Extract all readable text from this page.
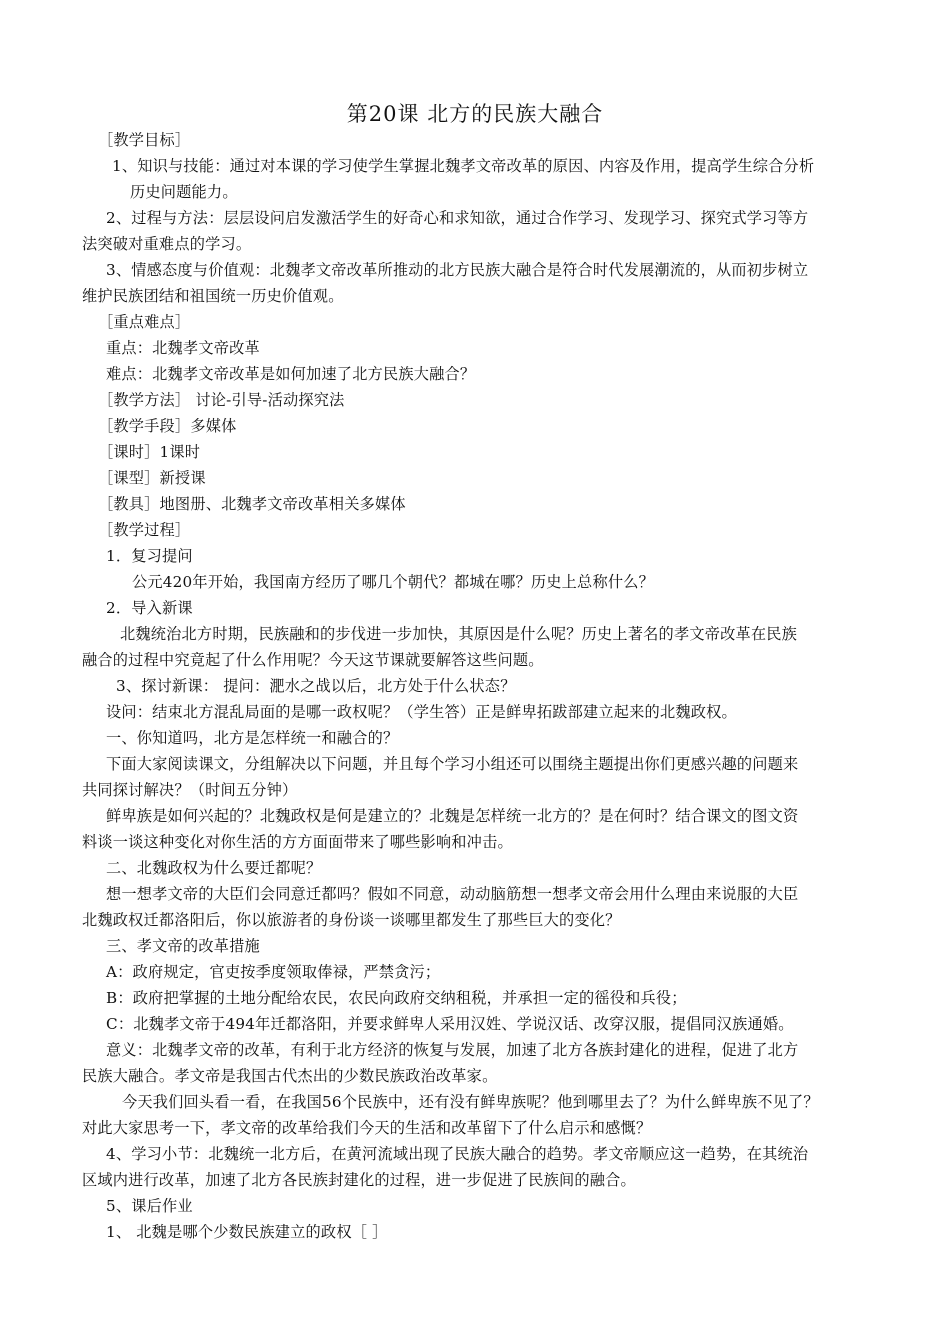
第20课 北方的民族大融合
［教学目标］
1、知识与技能：通过对本课的学习使学生掌握北魏孝文帝改革的原因、内容及作用，提高学生综合分析
历史问题能力。
2、过程与方法：层层设问启发激活学生的好奇心和求知欲，通过合作学习、发现学习、探究式学习等方
法突破对重难点的学习。
3、情感态度与价值观：北魏孝文帝改革所推动的北方民族大融合是符合时代发展潮流的，从而初步树立
维护民族团结和祖国统一历史价值观。
［重点难点］
重点：北魏孝文帝改革
难点：北魏孝文帝改革是如何加速了北方民族大融合？
［教学方法］ 讨论-引导-活动探究法
［教学手段］多媒体
［课时］1课时
［课型］新授课
［教具］地图册、北魏孝文帝改革相关多媒体
［教学过程］
1．复习提问
公元420年开始，我国南方经历了哪几个朝代？都城在哪？历史上总称什么？
2．导入新课
北魏统治北方时期，民族融和的步伐进一步加快，其原因是什么呢？历史上著名的孝文帝改革在民族
融合的过程中究竟起了什么作用呢？今天这节课就要解答这些问题。
3、探讨新课： 提问：淝水之战以后，北方处于什么状态？
设问：结束北方混乱局面的是哪一政权呢？（学生答）正是鲜卑拓跋部建立起来的北魏政权。
一、你知道吗，北方是怎样统一和融合的？
下面大家阅读课文，分组解决以下问题，并且每个学习小组还可以围绕主题提出你们更感兴趣的问题来
共同探讨解决？（时间五分钟）
鲜卑族是如何兴起的？北魏政权是何是建立的？北魏是怎样统一北方的？是在何时？结合课文的图文资
料谈一谈这种变化对你生活的方方面面带来了哪些影响和冲击。
二、北魏政权为什么要迁都呢？
想一想孝文帝的大臣们会同意迁都吗？假如不同意，动动脑筋想一想孝文帝会用什么理由来说服的大臣
北魏政权迁都洛阳后，你以旅游者的身份谈一谈哪里都发生了那些巨大的变化？
三、孝文帝的改革措施
A：政府规定，官吏按季度领取俸禄，严禁贪污；
B：政府把掌握的土地分配给农民，农民向政府交纳租税，并承担一定的徭役和兵役；
C：北魏孝文帝于494年迁都洛阳，并要求鲜卑人采用汉姓、学说汉话、改穿汉服，提倡同汉族通婚。
意义：北魏孝文帝的改革，有利于北方经济的恢复与发展，加速了北方各族封建化的进程，促进了北方
民族大融合。孝文帝是我国古代杰出的少数民族政治改革家。
今天我们回头看一看，在我国56个民族中，还有没有鲜卑族呢？他到哪里去了？为什么鲜卑族不见了？
对此大家思考一下，孝文帝的改革给我们今天的生活和改革留下了什么启示和感慨？
4、学习小节：北魏统一北方后，在黄河流域出现了民族大融合的趋势。孝文帝顺应这一趋势，在其统治
区域内进行改革，加速了北方各民族封建化的过程，进一步促进了民族间的融合。
5、课后作业
1、 北魏是哪个少数民族建立的政权［ ］
